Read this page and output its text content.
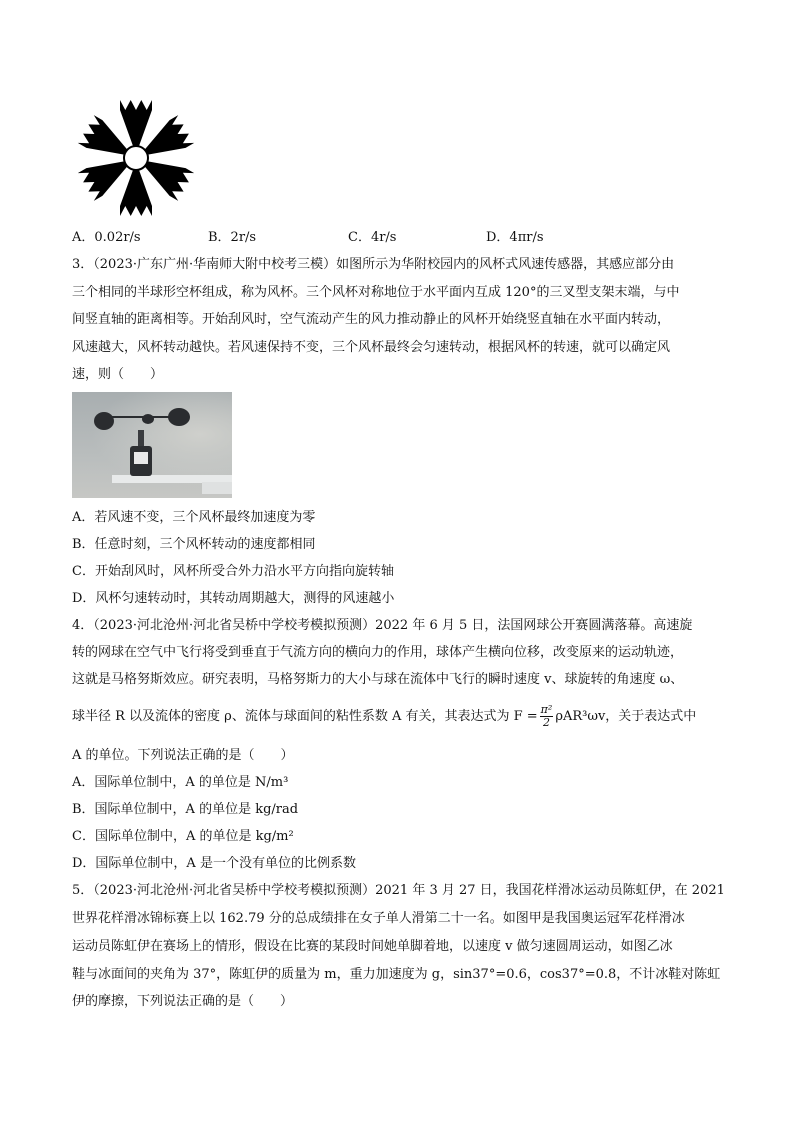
A．0.02r/s	B．2r/s	C．4r/s	D．4πr/s
3．（2023·广东广州·华南师大附中校考三模）如图所示为华附校园内的风杯式风速传感器，其感应部分由
三个相同的半球形空杯组成，称为风杯。三个风杯对称地位于水平面内互成 120°的三叉型支架末端，与中
间竖直轴的距离相等。开始刮风时，空气流动产生的风力推动静止的风杯开始绕竖直轴在水平面内转动，
风速越大，风杯转动越快。若风速保持不变，三个风杯最终会匀速转动，根据风杯的转速，就可以确定风
速，则（　　）
A．若风速不变，三个风杯最终加速度为零
B．任意时刻，三个风杯转动的速度都相同
C．开始刮风时，风杯所受合外力沿水平方向指向旋转轴
D．风杯匀速转动时，其转动周期越大，测得的风速越小
4．（2023·河北沧州·河北省吴桥中学校考模拟预测）2022 年 6 月 5 日，法国网球公开赛圆满落幕。高速旋
转的网球在空气中飞行将受到垂直于气流方向的横向力的作用，球体产生横向位移，改变原来的运动轨迹，
这就是马格努斯效应。研究表明，马格努斯力的大小与球在流体中飞行的瞬时速度 v、球旋转的角速度 ω、
球半径 R 以及流体的密度 ρ、流体与球面间的粘性系数 A 有关，其表达式为 $F = \frac{\text{π²}}{2} \rho AR^3\omega v$，关于表达式中
A 的单位。下列说法正确的是（　　）
A．国际单位制中，A 的单位是 N/m³
B．国际单位制中，A 的单位是 kg/rad
C．国际单位制中，A 的单位是 kg/m²
D．国际单位制中，A 是一个没有单位的比例系数
5．（2023·河北沧州·河北省吴桥中学校考模拟预测）2021 年 3 月 27 日，我国花样滑冰运动员陈虹伊，在 2021
世界花样滑冰锦标赛上以 162.79 分的总成绩排在女子单人滑第二十一名。如图甲是我国奥运冠军花样滑冰
运动员陈虹伊在赛场上的情形，假设在比赛的某段时间她单脚着地，以速度 v 做匀速圆周运动，如图乙冰
鞋与冰面间的夹角为 37°，陈虹伊的质量为 m，重力加速度为 g，sin37°=0.6，cos37°=0.8，不计冰鞋对陈虹
伊的摩擦，下列说法正确的是（　　）
